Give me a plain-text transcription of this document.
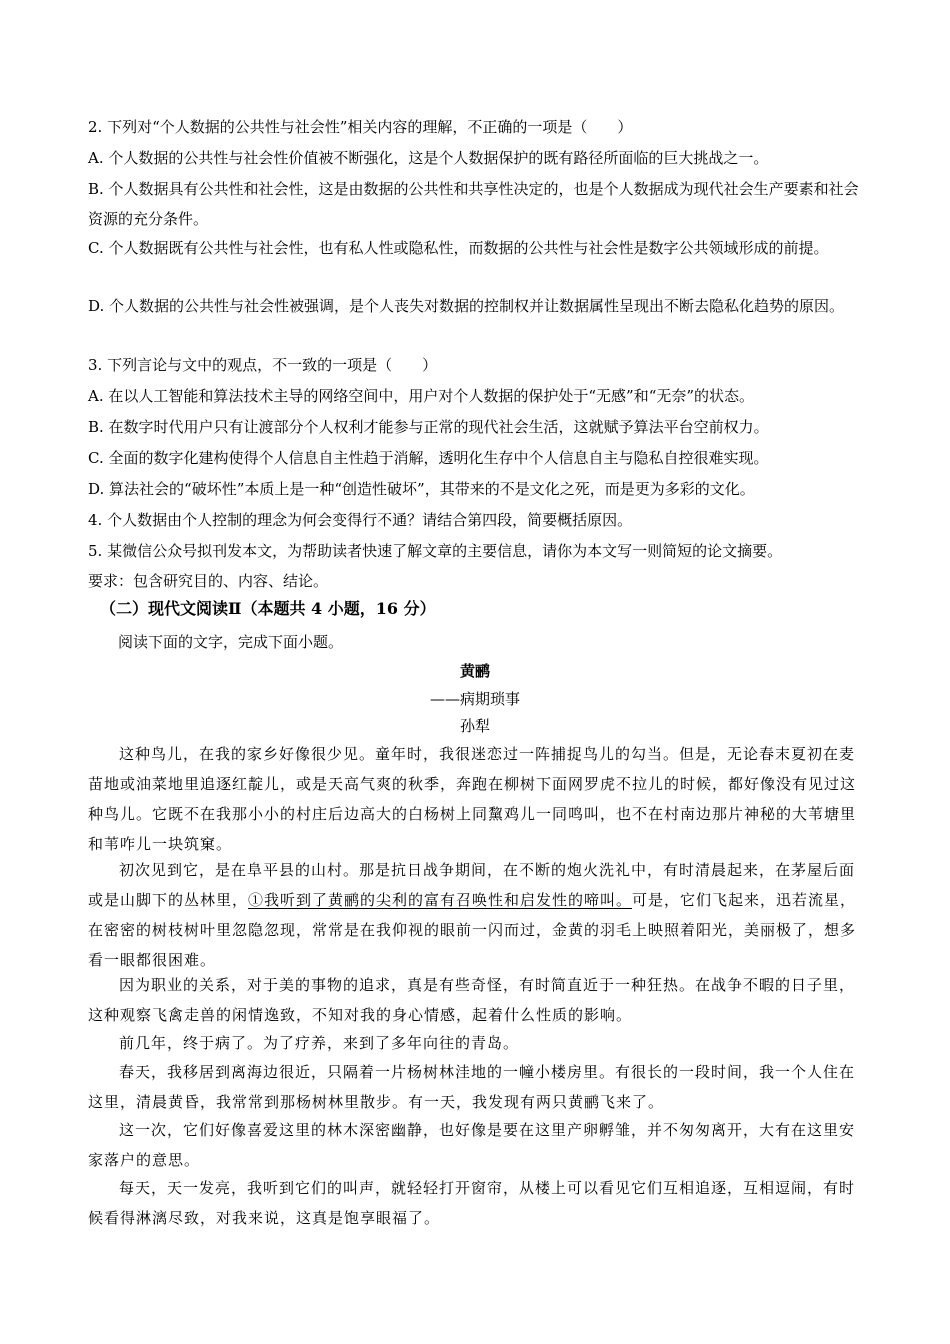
2. 下列对“个人数据的公共性与社会性”相关内容的理解，不正确的一项是（　　）
A. 个人数据的公共性与社会性价值被不断强化，这是个人数据保护的既有路径所面临的巨大挑战之一。
B. 个人数据具有公共性和社会性，这是由数据的公共性和共享性决定的，也是个人数据成为现代社会生产要素和社会资源的充分条件。
C. 个人数据既有公共性与社会性，也有私人性或隐私性，而数据的公共性与社会性是数字公共领域形成的前提。
D. 个人数据的公共性与社会性被强调，是个人丧失对数据的控制权并让数据属性呈现出不断去隐私化趋势的原因。
3. 下列言论与文中的观点，不一致的一项是（　　）
A. 在以人工智能和算法技术主导的网络空间中，用户对个人数据的保护处于“无感”和“无奈”的状态。
B. 在数字时代用户只有让渡部分个人权利才能参与正常的现代社会生活，这就赋予算法平台空前权力。
C. 全面的数字化建构使得个人信息自主性趋于消解，透明化生存中个人信息自主与隐私自控很难实现。
D. 算法社会的“破坏性”本质上是一种“创造性破坏”，其带来的不是文化之死，而是更为多彩的文化。
4. 个人数据由个人控制的理念为何会变得行不通？请结合第四段，简要概括原因。
5. 某微信公众号拟刊发本文，为帮助读者快速了解文章的主要信息，请你为本文写一则简短的论文摘要。
要求：包含研究目的、内容、结论。
（二）现代文阅读Ⅱ（本题共 4 小题，16 分）
阅读下面的文字，完成下面小题。
黄鹂
——病期琐事
孙犁
这种鸟儿，在我的家乡好像很少见。童年时，我很迷恋过一阵捕捉鸟儿的勾当。但是，无论春末夏初在麦苗地或油菜地里追逐红靛儿，或是天高气爽的秋季，奔跑在柳树下面网罗虎不拉儿的时候，都好像没有见过这种鸟儿。它既不在我那小小的村庄后边高大的白杨树上同黧鸡儿一同鸣叫，也不在村南边那片神秘的大苇塘里和苇咋儿一块筑窠。
初次见到它，是在阜平县的山村。那是抗日战争期间，在不断的炮火洗礼中，有时清晨起来，在茅屋后面或是山脚下的丛林里，①我听到了黄鹂的尖利的富有召唤性和启发性的啼叫。可是，它们飞起来，迅若流星，在密密的树枝树叶里忽隐忽现，常常是在我仰视的眼前一闪而过，金黄的羽毛上映照着阳光，美丽极了，想多看一眼都很困难。
因为职业的关系，对于美的事物的追求，真是有些奇怪，有时简直近于一种狂热。在战争不暇的日子里，这种观察飞禽走兽的闲情逸致，不知对我的身心情感，起着什么性质的影响。
前几年，终于病了。为了疗养，来到了多年向往的青岛。
春天，我移居到离海边很近，只隔着一片杨树林洼地的一幢小楼房里。有很长的一段时间，我一个人住在这里，清晨黄昏，我常常到那杨树林里散步。有一天，我发现有两只黄鹂飞来了。
这一次，它们好像喜爱这里的林木深密幽静，也好像是要在这里产卵孵雏，并不匆匆离开，大有在这里安家落户的意思。
每天，天一发亮，我听到它们的叫声，就轻轻打开窗帘，从楼上可以看见它们互相追逐，互相逗闹，有时候看得淋漓尽致，对我来说，这真是饱享眼福了。
